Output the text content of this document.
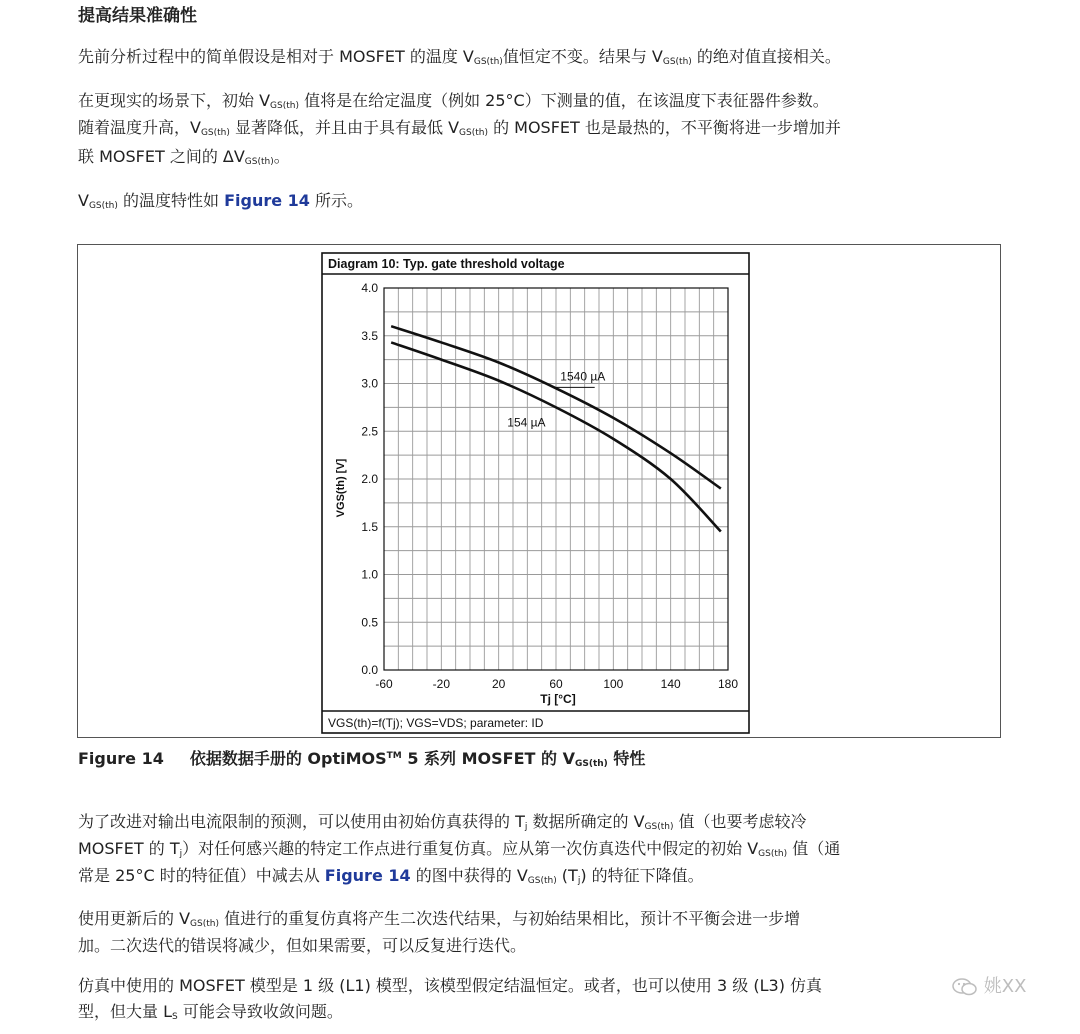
提高结果准确性
先前分析过程中的简单假设是相对于 MOSFET 的温度 $V_{GS(th)}$值恒定不变。结果与 $V_{GS(th)}$ 的绝对值直接相关。
在更现实的场景下，初始 $V_{GS(th)}$ 值将是在给定温度（例如 25°C）下测量的值，在该温度下表征器件参数。
随着温度升高，$V_{GS(th)}$ 显著降低，并且由于具有最低 $V_{GS(th)}$ 的 MOSFET 也是最热的，不平衡将进一步增加并
联 MOSFET 之间的 $\Delta V_{GS(th)}$。
$V_{GS(th)}$ 的温度特性如 Figure 14 所示。
Diagram 10: Typ. gate threshold voltage
VGS(th)=f(Tj); VGS=VDS; parameter: ID
-60	-20	20	60	100	140	180
0.0
0.5
1.0
1.5
2.0
2.5
3.0
3.5
4.0
1540 µA
154 µA
Tj [°C]
VGS(th) [V]
Figure 14 依据数据手册的 OptiMOS™ 5 系列 MOSFET 的 $V_{GS(th)}$ 特性
为了改进对输出电流限制的预测，可以使用由初始仿真获得的 $T_j$ 数据所确定的 $V_{GS(th)}$ 值（也要考虑较冷
MOSFET 的 $T_j$）对任何感兴趣的特定工作点进行重复仿真。应从第一次仿真迭代中假定的初始 $V_{GS(th)}$ 值（通
常是 25°C 时的特征值）中减去从 Figure 14 的图中获得的 $V_{GS(th)}$ $(T_j)$ 的特征下降值。
使用更新后的 $V_{GS(th)}$ 值进行的重复仿真将产生二次迭代结果，与初始结果相比，预计不平衡会进一步增
加。二次迭代的错误将减少，但如果需要，可以反复进行迭代。
仿真中使用的 MOSFET 模型是 1 级 (L1) 模型，该模型假定结温恒定。或者，也可以使用 3 级 (L3) 仿真
型，但大量 $L_S$ 可能会导致收敛问题。
姚XX
